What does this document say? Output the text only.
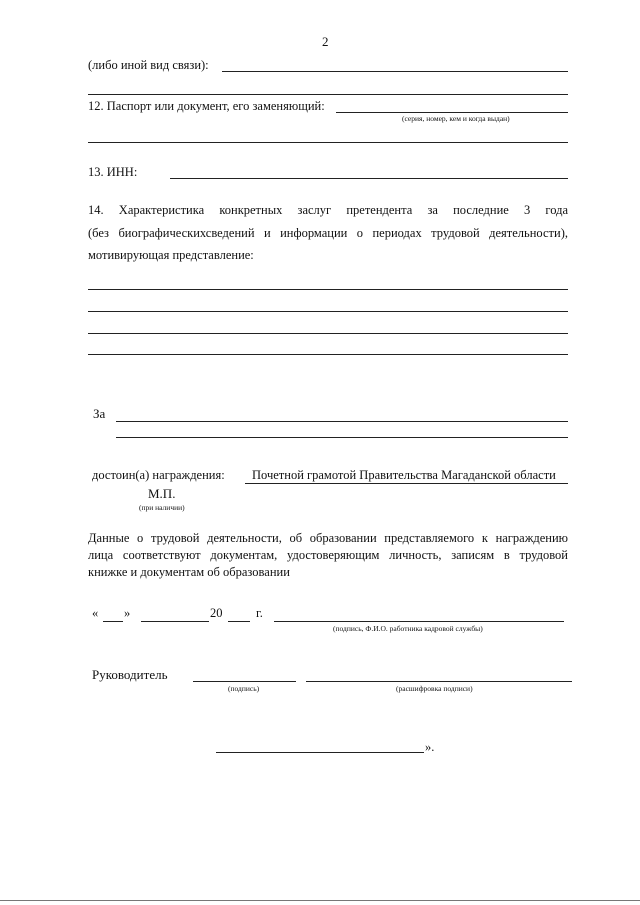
2
(либо иной вид связи):
12. Паспорт или документ, его заменяющий:
(серия, номер, кем и когда выдан)
13. ИНН:
14. Характеристика конкретных заслуг претендента за последние 3 года
(без биографическихсведений и информации о периодах трудовой деятельности),
мотивирующая представление:
За
достоин(а) награждения: Почетной грамотой Правительства Магаданской области
М.П.
(при наличии)
Данные о трудовой деятельности, об образовании представляемого к награждению
лица соответствуют документам, удостоверяющим личность, записям в трудовой
книжке и документам об образовании
« »	20	г.
(подпись, Ф.И.О. работника кадровой службы)
Руководитель
(подпись)	(расшифровка подписи)
».
